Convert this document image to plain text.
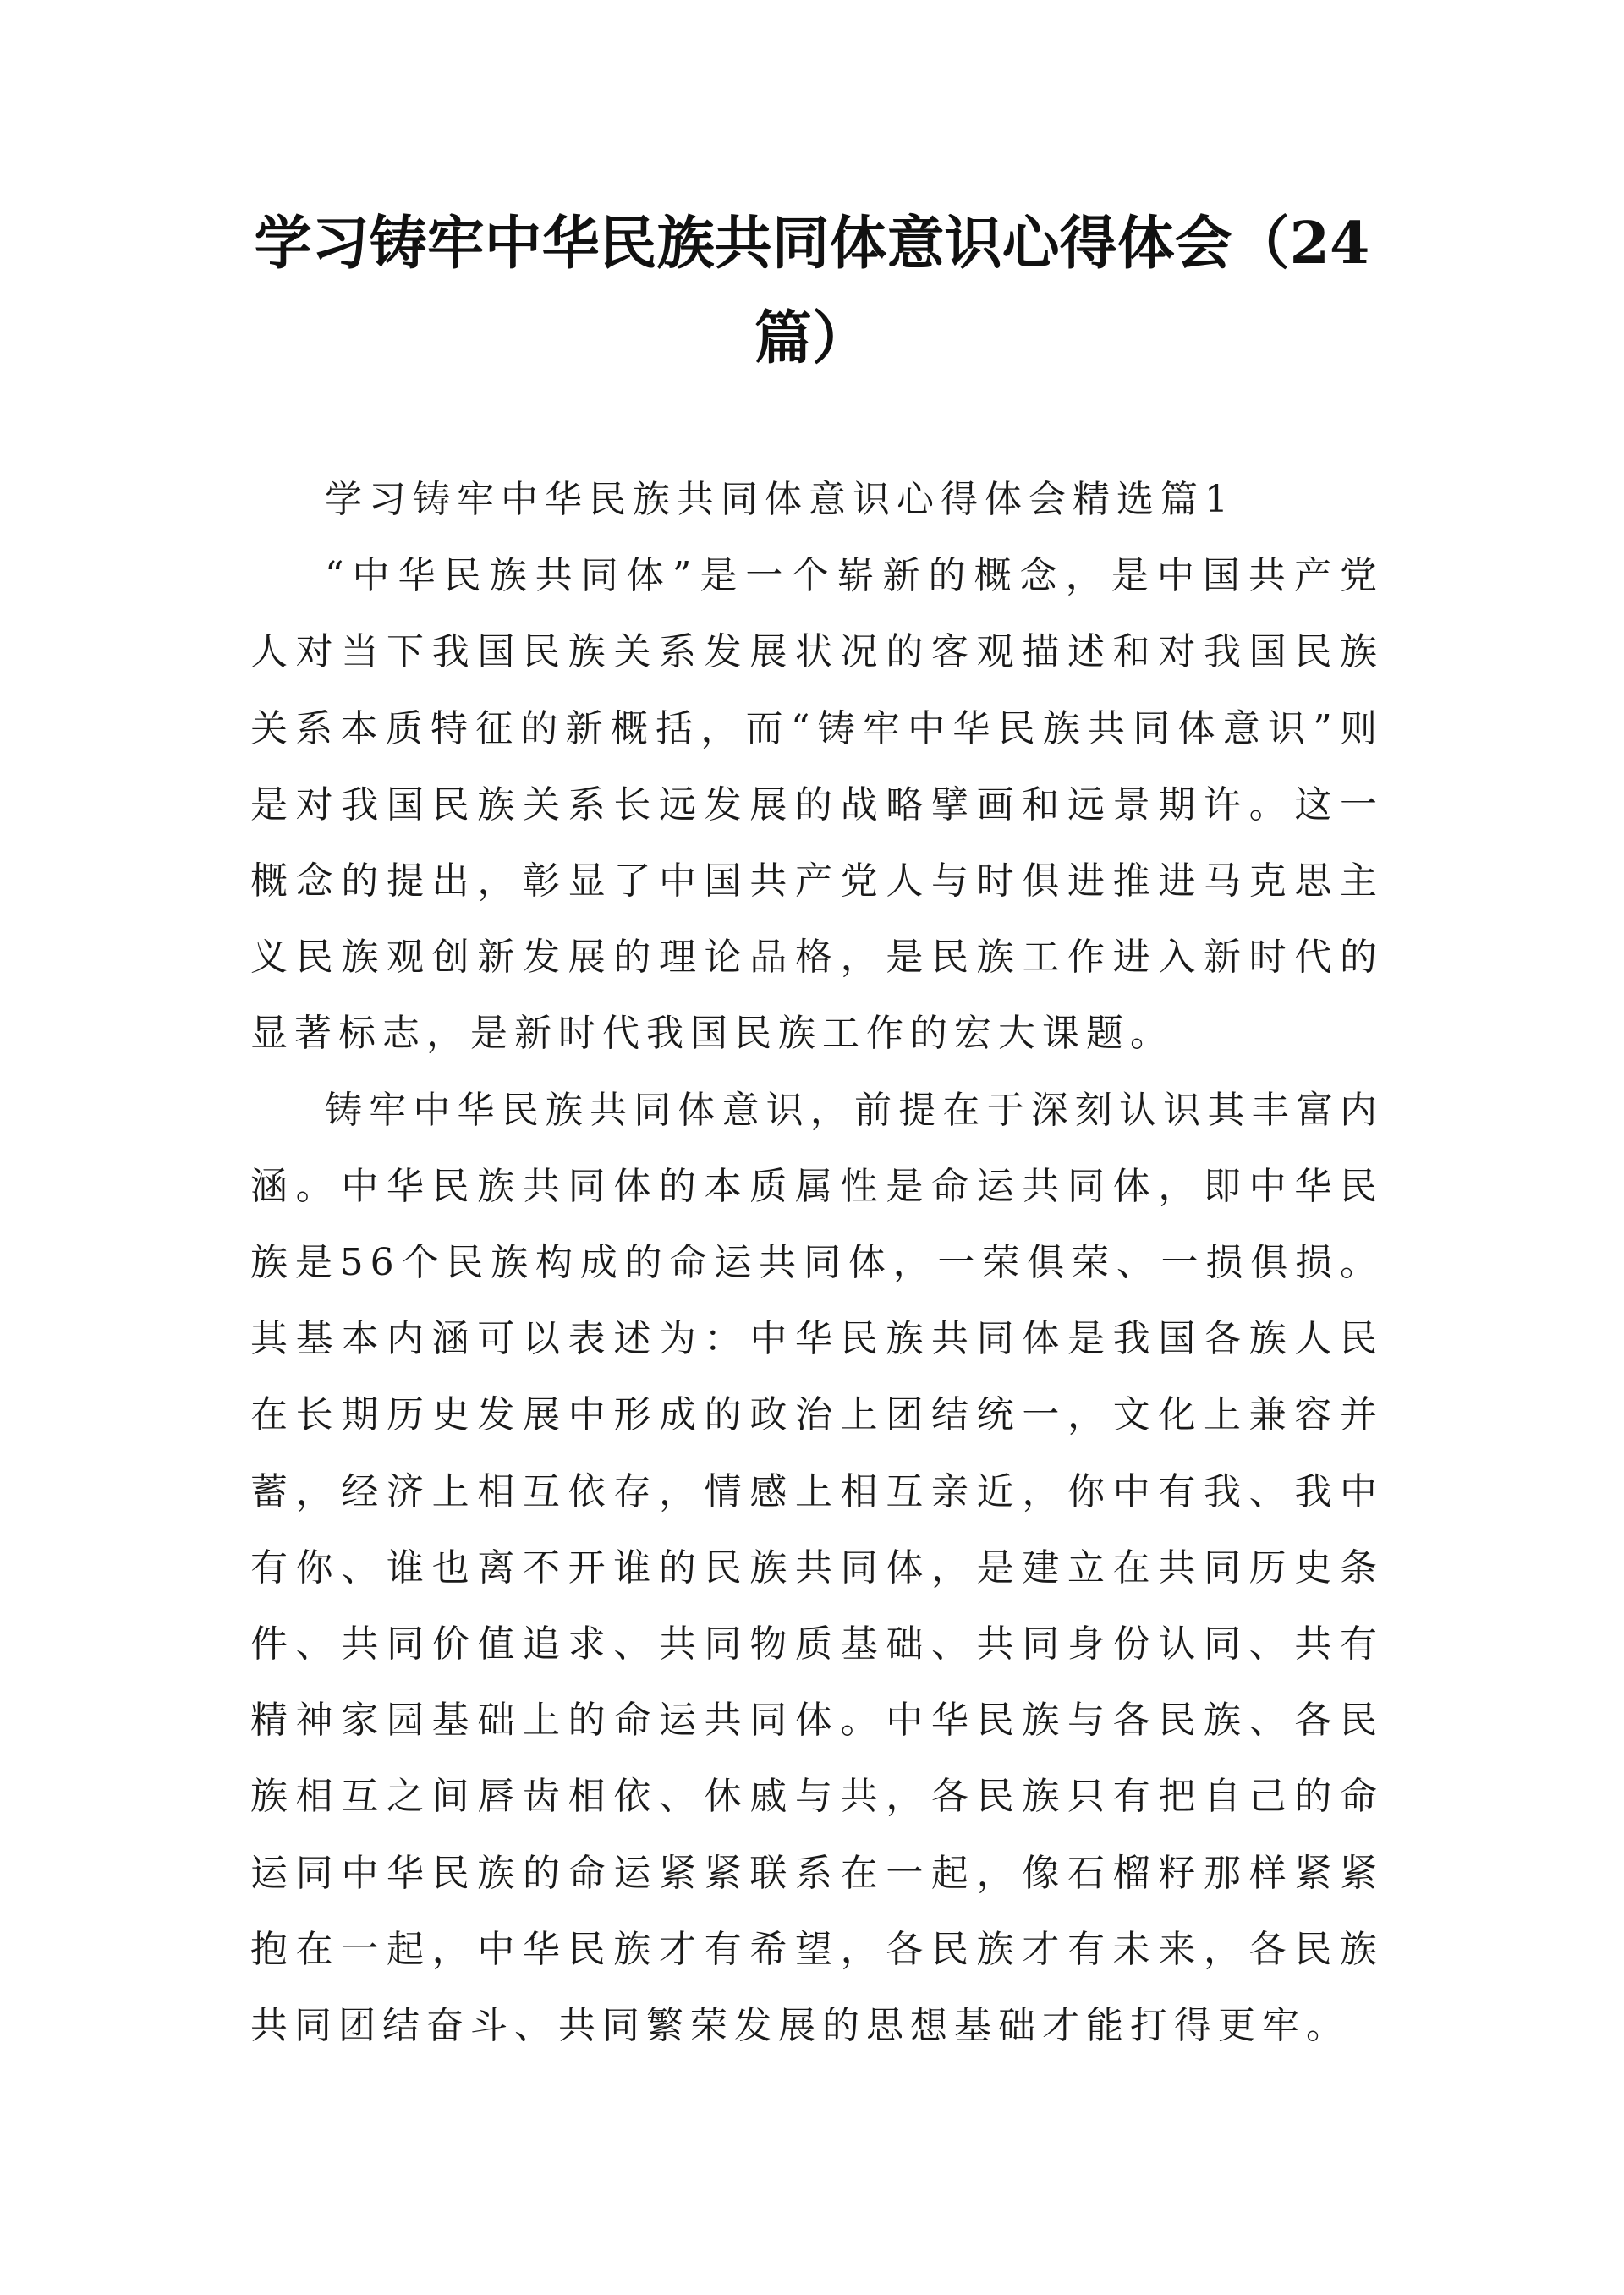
学习铸牢中华民族共同体意识心得体会（24篇）

学习铸牢中华民族共同体意识心得体会精选篇1

“中华民族共同体”是一个崭新的概念，是中国共产党人对当下我国民族关系发展状况的客观描述和对我国民族关系本质特征的新概括，而“铸牢中华民族共同体意识”则是对我国民族关系长远发展的战略擘画和远景期许。这一概念的提出，彰显了中国共产党人与时俱进推进马克思主义民族观创新发展的理论品格，是民族工作进入新时代的显著标志，是新时代我国民族工作的宏大课题。

铸牢中华民族共同体意识，前提在于深刻认识其丰富内涵。中华民族共同体的本质属性是命运共同体，即中华民族是56个民族构成的命运共同体，一荣俱荣、一损俱损。其基本内涵可以表述为：中华民族共同体是我国各族人民在长期历史发展中形成的政治上团结统一，文化上兼容并蓄，经济上相互依存，情感上相互亲近，你中有我、我中有你、谁也离不开谁的民族共同体，是建立在共同历史条件、共同价值追求、共同物质基础、共同身份认同、共有精神家园基础上的命运共同体。中华民族与各民族、各民族相互之间唇齿相依、休戚与共，各民族只有把自己的命运同中华民族的命运紧紧联系在一起，像石榴籽那样紧紧抱在一起，中华民族才有希望，各民族才有未来，各民族共同团结奋斗、共同繁荣发展的思想基础才能打得更牢。
